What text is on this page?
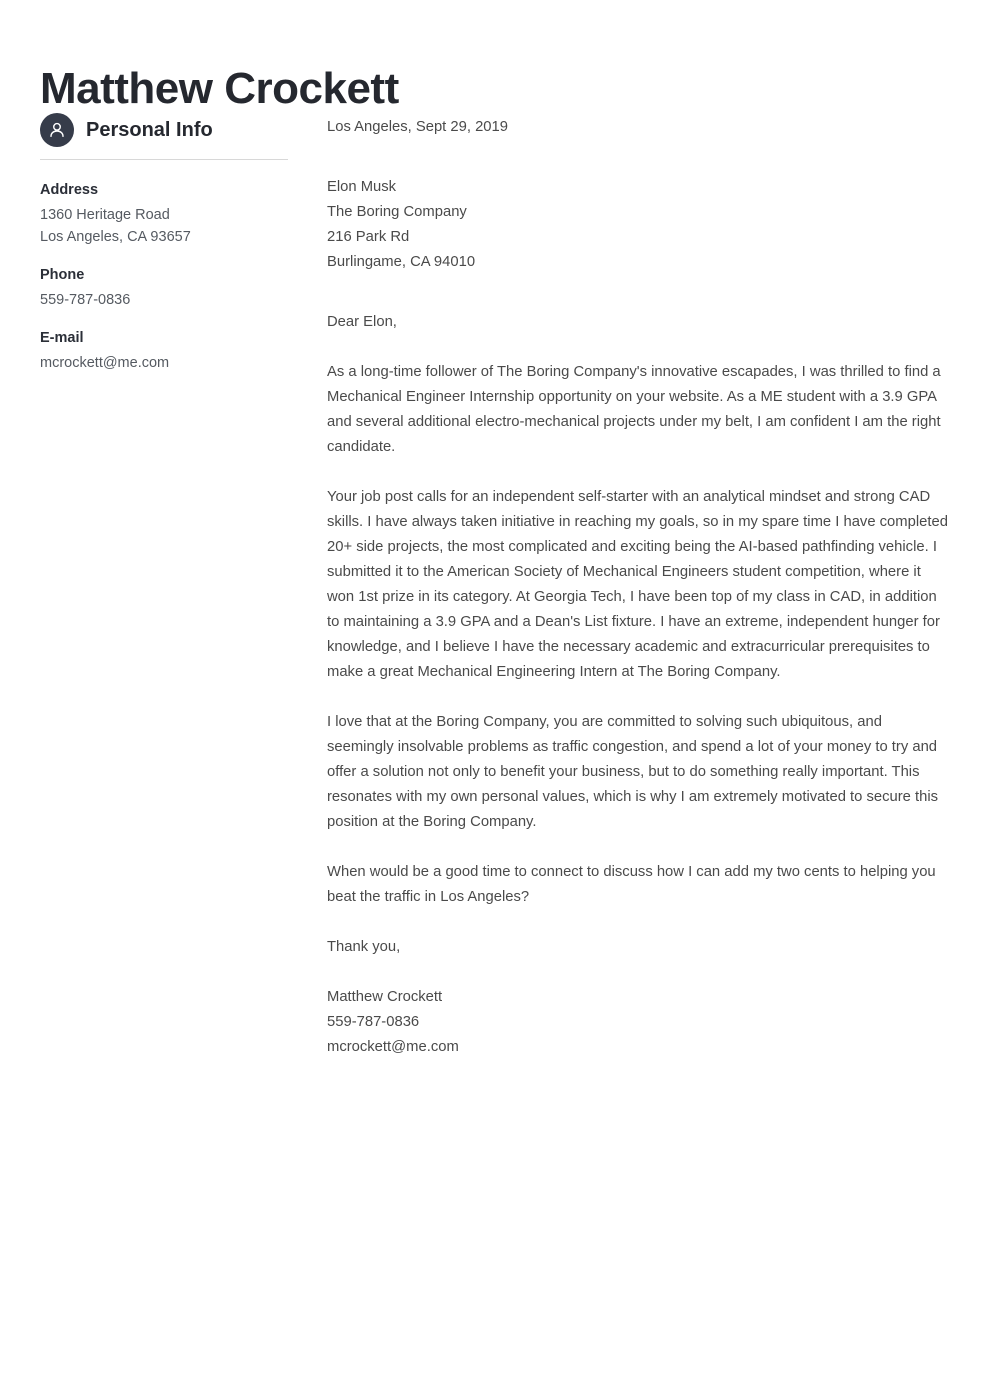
Matthew Crockett
Personal Info
Address
1360 Heritage Road
Los Angeles, CA 93657
Phone
559-787-0836
E-mail
mcrockett@me.com

Los Angeles, Sept 29, 2019

Elon Musk
The Boring Company
216 Park Rd
Burlingame, CA 94010

Dear Elon,

As a long-time follower of The Boring Company's innovative escapades, I was thrilled to find a Mechanical Engineer Internship opportunity on your website. As a ME student with a 3.9 GPA and several additional electro-mechanical projects under my belt, I am confident I am the right candidate.

Your job post calls for an independent self-starter with an analytical mindset and strong CAD skills. I have always taken initiative in reaching my goals, so in my spare time I have completed 20+ side projects, the most complicated and exciting being the AI-based pathfinding vehicle. I submitted it to the American Society of Mechanical Engineers student competition, where it won 1st prize in its category. At Georgia Tech, I have been top of my class in CAD, in addition to maintaining a 3.9 GPA and a Dean's List fixture. I have an extreme, independent hunger for knowledge, and I believe I have the necessary academic and extracurricular prerequisites to make a great Mechanical Engineering Intern at The Boring Company.

I love that at the Boring Company, you are committed to solving such ubiquitous, and seemingly insolvable problems as traffic congestion, and spend a lot of your money to try and offer a solution not only to benefit your business, but to do something really important. This resonates with my own personal values, which is why I am extremely motivated to secure this position at the Boring Company.

When would be a good time to connect to discuss how I can add my two cents to helping you beat the traffic in Los Angeles?

Thank you,

Matthew Crockett
559-787-0836
mcrockett@me.com
